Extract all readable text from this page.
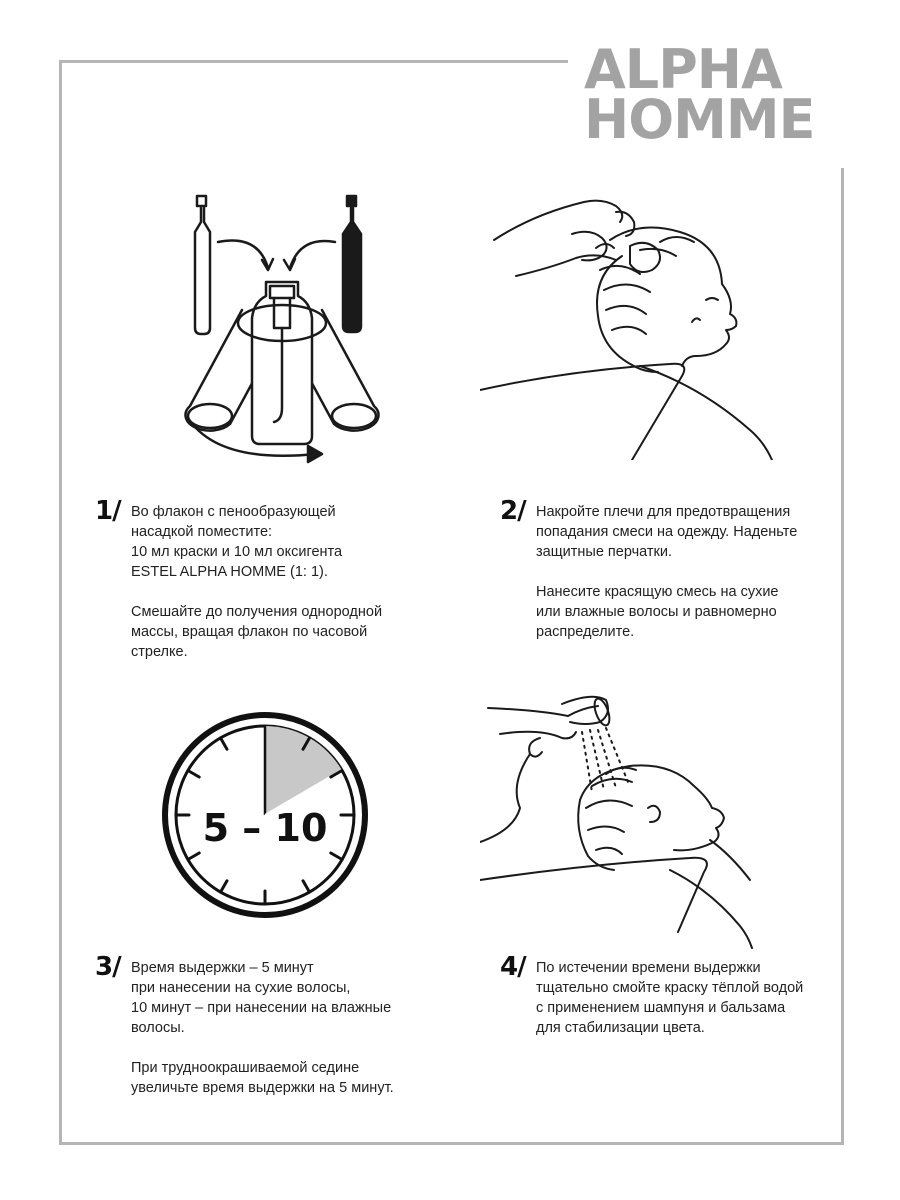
ALPHA
HOMME
5 – 10
1/ Во флакон с пенообразующей
насадкой поместите:
10 мл краски и 10 мл оксигента
ESTEL ALPHA HOMME (1: 1).

Смешайте до получения однородной
массы, вращая флакон по часовой
стрелке.

2/ Накройте плечи для предотвращения
попадания смеси на одежду. Наденьте
защитные перчатки.

Нанесите красящую смесь на сухие
или влажные волосы и равномерно
распределите.

3/ Время выдержки – 5 минут
при нанесении на сухие волосы,
10 минут – при нанесении на влажные
волосы.

При трудноокрашиваемой седине
увеличьте время выдержки на 5 минут.

4/ По истечении времени выдержки
тщательно смойте краску тёплой водой
с применением шампуня и бальзама
для стабилизации цвета.
